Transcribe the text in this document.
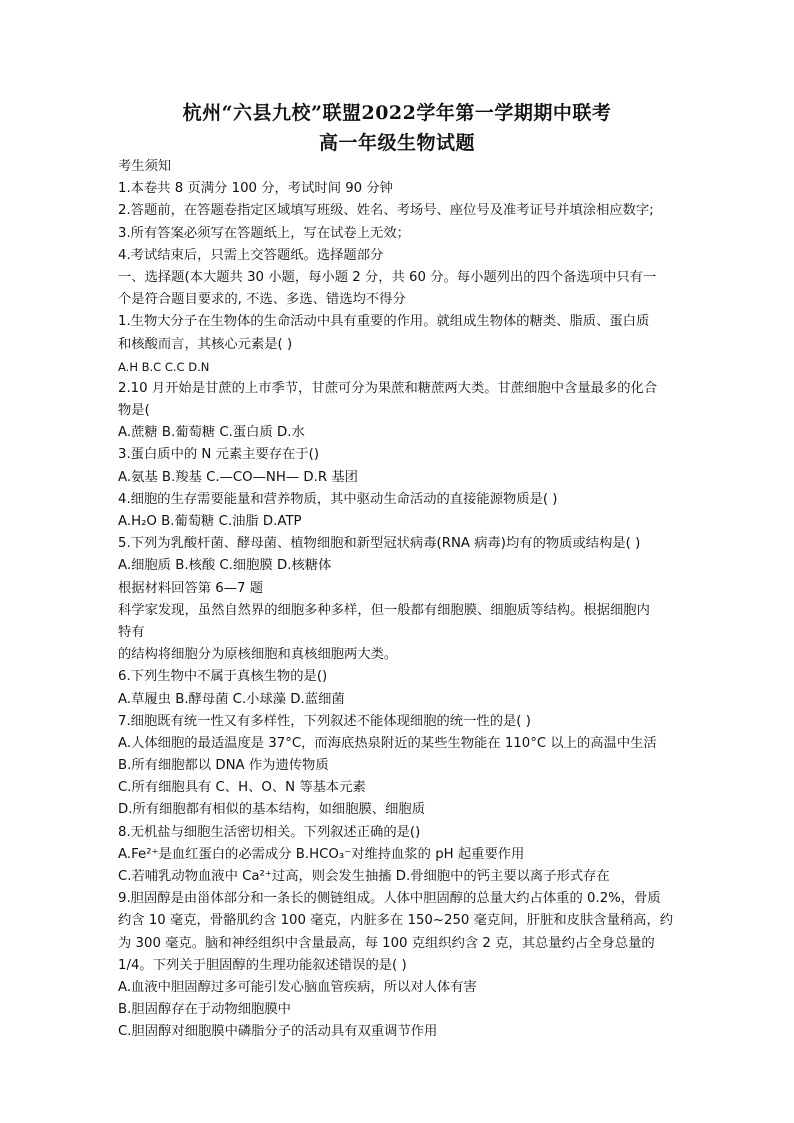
杭州“六县九校”联盟2022学年第一学期期中联考
高一年级生物试题
考生须知
1.本卷共 8 页满分 100 分，考试时间 90 分钟
2.答题前，在答题卷指定区域填写班级、姓名、考场号、座位号及准考证号并填涂相应数字;
3.所有答案必须写在答题纸上，写在试卷上无效；
4.考试结束后，只需上交答题纸。选择题部分
一、选择题(本大题共 30 小题，每小题 2 分，共 60 分。每小题列出的四个备选项中只有一
个是符合题目要求的, 不选、多选、错选均不得分
1.生物大分子在生物体的生命活动中具有重要的作用。就组成生物体的糖类、脂质、蛋白质
和核酸而言，其核心元素是( )
A.H B.C C.C D.N
2.10 月开始是甘蔗的上市季节，甘蔗可分为果蔗和糖蔗两大类。甘蔗细胞中含量最多的化合
物是(
A.蔗糖 B.葡萄糖 C.蛋白质 D.水
3.蛋白质中的 N 元素主要存在于()
A.氨基 B.羧基 C.—CO—NH— D.R 基团
4.细胞的生存需要能量和营养物质，其中驱动生命活动的直接能源物质是( )
A.H₂O B.葡萄糖 C.油脂 D.ATP
5.下列为乳酸杆菌、酵母菌、植物细胞和新型冠状病毒(RNA 病毒)均有的物质或结构是( )
A.细胞质 B.核酸 C.细胞膜 D.核糖体
根据材料回答第 6—7 题
科学家发现，虽然自然界的细胞多种多样，但一般都有细胞膜、细胞质等结构。根据细胞内
特有
的结构将细胞分为原核细胞和真核细胞两大类。
6.下列生物中不属于真核生物的是()
A.草履虫 B.酵母菌 C.小球藻 D.蓝细菌
7.细胞既有统一性又有多样性，下列叙述不能体现细胞的统一性的是( )
A.人体细胞的最适温度是 37°C，而海底热泉附近的某些生物能在 110°C 以上的高温中生活
B.所有细胞都以 DNA 作为遗传物质
C.所有细胞具有 C、H、O、N 等基本元素
D.所有细胞都有相似的基本结构，如细胞膜、细胞质
8.无机盐与细胞生活密切相关。下列叙述正确的是()
A.Fe²⁺是血红蛋白的必需成分 B.HCO₃⁻对维持血浆的 pH 起重要作用
C.若哺乳动物血液中 Ca²⁺过高，则会发生抽搐 D.骨细胞中的钙主要以离子形式存在
9.胆固醇是由甾体部分和一条长的侧链组成。人体中胆固醇的总量大约占体重的 0.2%，骨质
约含 10 毫克，骨骼肌约含 100 毫克，内脏多在 150~250 毫克间，肝脏和皮肤含量稍高，约
为 300 毫克。脑和神经组织中含量最高，每 100 克组织约含 2 克，其总量约占全身总量的
1/4。下列关于胆固醇的生理功能叙述错误的是( )
A.血液中胆固醇过多可能引发心脑血管疾病，所以对人体有害
B.胆固醇存在于动物细胞膜中
C.胆固醇对细胞膜中磷脂分子的活动具有双重调节作用
